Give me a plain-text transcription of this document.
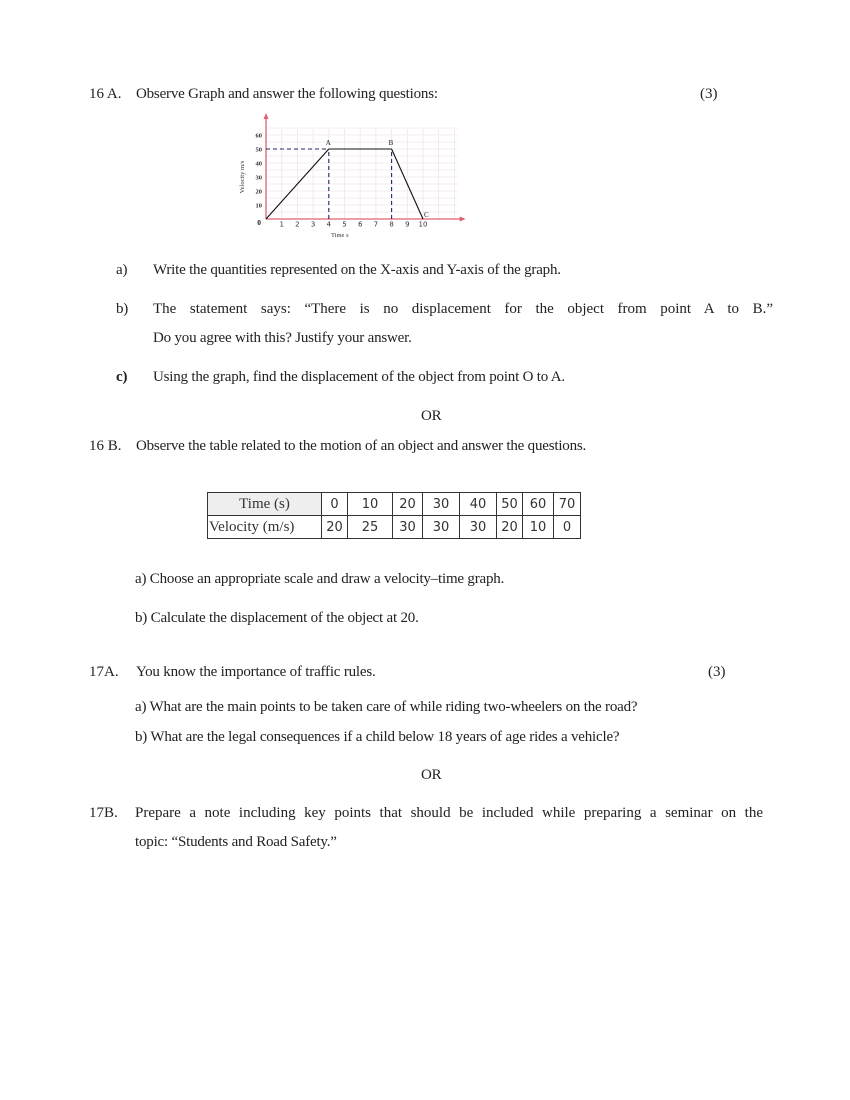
16 A. Observe Graph and answer the following questions:	(3)
A	B
C
1 2 3 4 5 6 7 8 9 10
10
20
30
40
50
60
0
Time s
Velocity m/s
a) Write the quantities represented on the X-axis and Y-axis of the graph.
b) The statement says: “There is no displacement for the object from point A to B.”
Do you agree with this? Justify your answer.
c) Using the graph, find the displacement of the object from point O to A.
OR
16 B. Observe the table related to the motion of an object and answer the questions.
Time (s)	0	10	20	30	40	50	60	70
Velocity (m/s)	20	25	30	30	30	20	10	0
a) Choose an appropriate scale and draw a velocity–time graph.
b) Calculate the displacement of the object at 20.
17A. You know the importance of traffic rules.	(3)
a) What are the main points to be taken care of while riding two-wheelers on the road?
b) What are the legal consequences if a child below 18 years of age rides a vehicle?
OR
17B. Prepare a note including key points that should be included while preparing a seminar on the
topic: “Students and Road Safety.”
